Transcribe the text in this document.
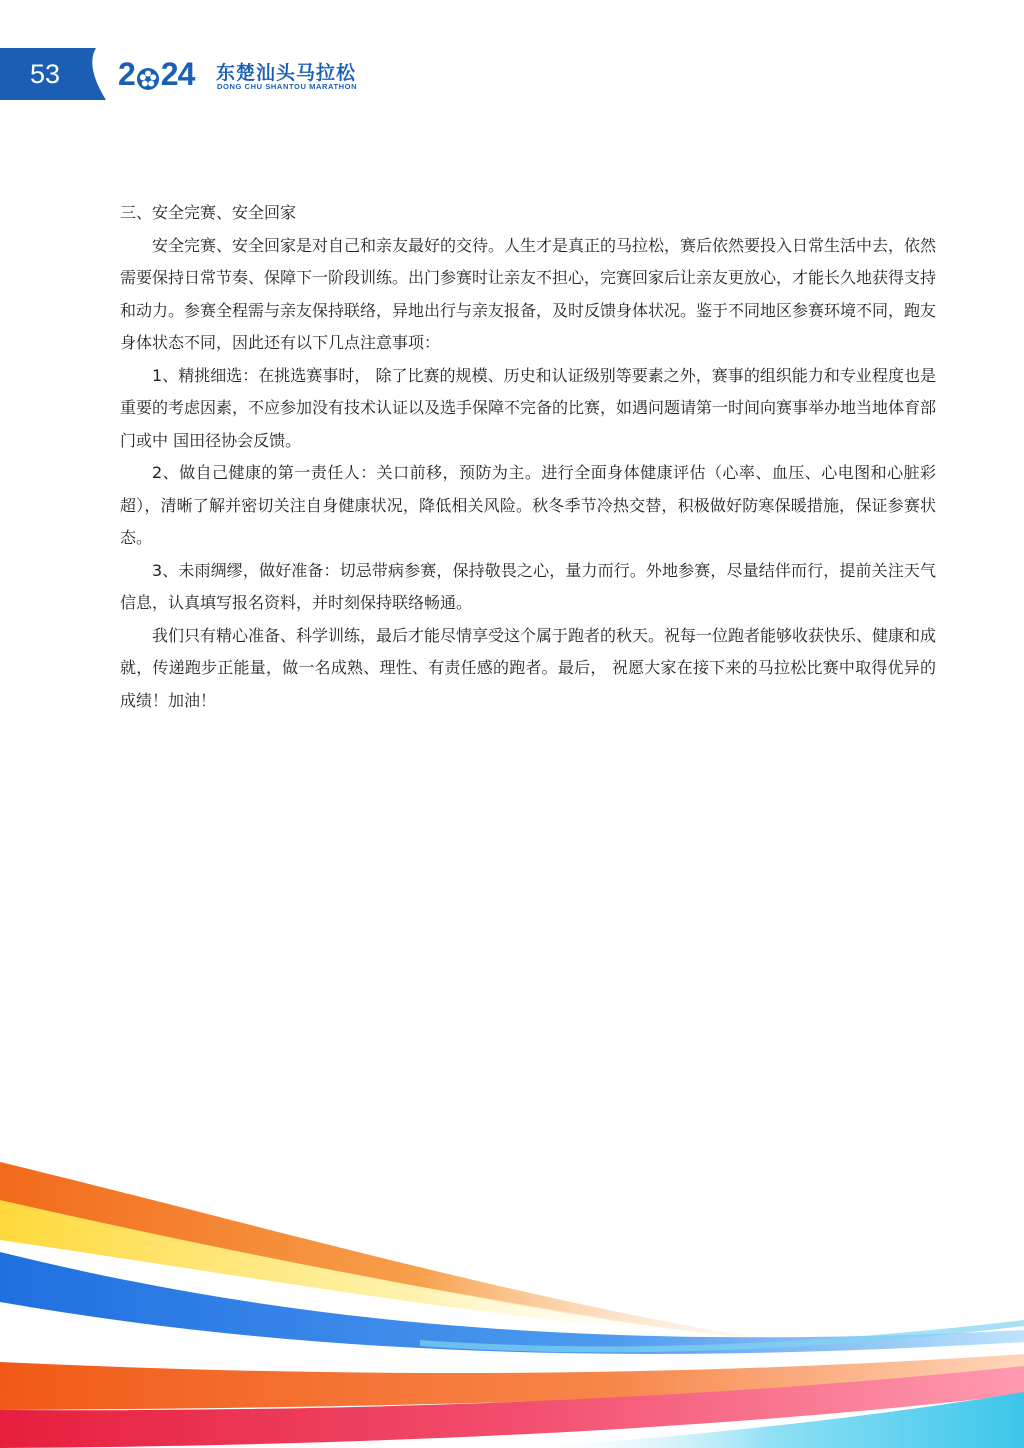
53	2 24 东楚汕头马拉松
DONG CHU SHANTOU MARATHON

三、安全完赛、安全回家

安全完赛、安全回家是对自己和亲友最好的交待。人生才是真正的马拉松，赛后依然要投入日常生活中去，依然需要保持日常节奏、保障下一阶段训练。出门参赛时让亲友不担心，完赛回家后让亲友更放心，才能长久地获得支持和动力。参赛全程需与亲友保持联络，异地出行与亲友报备，及时反馈身体状况。鉴于不同地区参赛环境不同，跑友身体状态不同，因此还有以下几点注意事项：

1、精挑细选：在挑选赛事时， 除了比赛的规模、历史和认证级别等要素之外，赛事的组织能力和专业程度也是重要的考虑因素，不应参加没有技术认证以及选手保障不完备的比赛，如遇问题请第一时间向赛事举办地当地体育部门或中 国田径协会反馈。

2、做自己健康的第一责任人：关口前移，预防为主。进行全面身体健康评估（心率、血压、心电图和心脏彩超），清晰了解并密切关注自身健康状况，降低相关风险。秋冬季节冷热交替，积极做好防寒保暖措施，保证参赛状态。

3、未雨绸缪，做好准备：切忌带病参赛，保持敬畏之心，量力而行。外地参赛，尽量结伴而行，提前关注天气信息，认真填写报名资料，并时刻保持联络畅通。

我们只有精心准备、科学训练，最后才能尽情享受这个属于跑者的秋天。祝每一位跑者能够收获快乐、健康和成就，传递跑步正能量，做一名成熟、理性、有责任感的跑者。最后， 祝愿大家在接下来的马拉松比赛中取得优异的成绩！加油！
